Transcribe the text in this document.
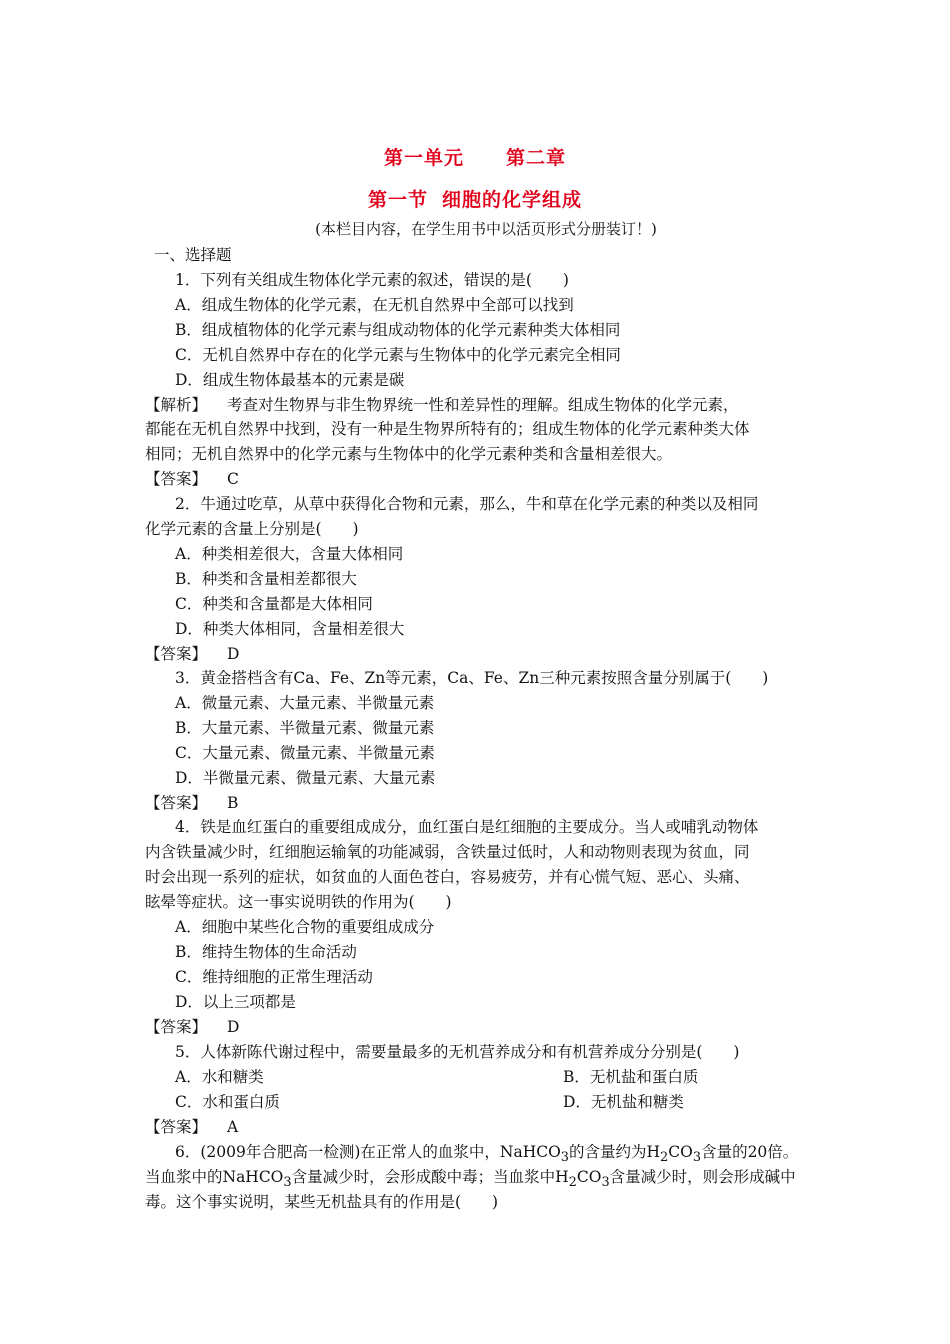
第一单元 第二章
第一节 细胞的化学组成
(本栏目内容，在学生用书中以活页形式分册装订！)
一、选择题
1．下列有关组成生物体化学元素的叙述，错误的是(　　)
A．组成生物体的化学元素，在无机自然界中全部可以找到
B．组成植物体的化学元素与组成动物体的化学元素种类大体相同
C．无机自然界中存在的化学元素与生物体中的化学元素完全相同
D．组成生物体最基本的元素是碳
【解析】 考查对生物界与非生物界统一性和差异性的理解。组成生物体的化学元素，
都能在无机自然界中找到，没有一种是生物界所特有的；组成生物体的化学元素种类大体
相同；无机自然界中的化学元素与生物体中的化学元素种类和含量相差很大。
【答案】 C
2．牛通过吃草，从草中获得化合物和元素，那么，牛和草在化学元素的种类以及相同
化学元素的含量上分别是(　　)
A．种类相差很大，含量大体相同
B．种类和含量相差都很大
C．种类和含量都是大体相同
D．种类大体相同，含量相差很大
【答案】 D
3．黄金搭档含有Ca、Fe、Zn等元素，Ca、Fe、Zn三种元素按照含量分别属于(　　)
A．微量元素、大量元素、半微量元素
B．大量元素、半微量元素、微量元素
C．大量元素、微量元素、半微量元素
D．半微量元素、微量元素、大量元素
【答案】 B
4．铁是血红蛋白的重要组成成分，血红蛋白是红细胞的主要成分。当人或哺乳动物体
内含铁量减少时，红细胞运输氧的功能减弱，含铁量过低时，人和动物则表现为贫血，同
时会出现一系列的症状，如贫血的人面色苍白，容易疲劳，并有心慌气短、恶心、头痛、
眩晕等症状。这一事实说明铁的作用为(　　)
A．细胞中某些化合物的重要组成成分
B．维持生物体的生命活动
C．维持细胞的正常生理活动
D．以上三项都是
【答案】 D
5．人体新陈代谢过程中，需要量最多的无机营养成分和有机营养成分分别是(　　)
A．水和糖类	B．无机盐和蛋白质
C．水和蛋白质	D．无机盐和糖类
【答案】 A
6．(2009年合肥高一检测)在正常人的血浆中，NaHCO$_3$的含量约为$H_2CO_3$含量的20倍。
当血浆中的NaHCO$_3$含量减少时，会形成酸中毒；当血浆中$H_2CO_3$含量减少时，则会形成碱中
毒。这个事实说明，某些无机盐具有的作用是(　　)
